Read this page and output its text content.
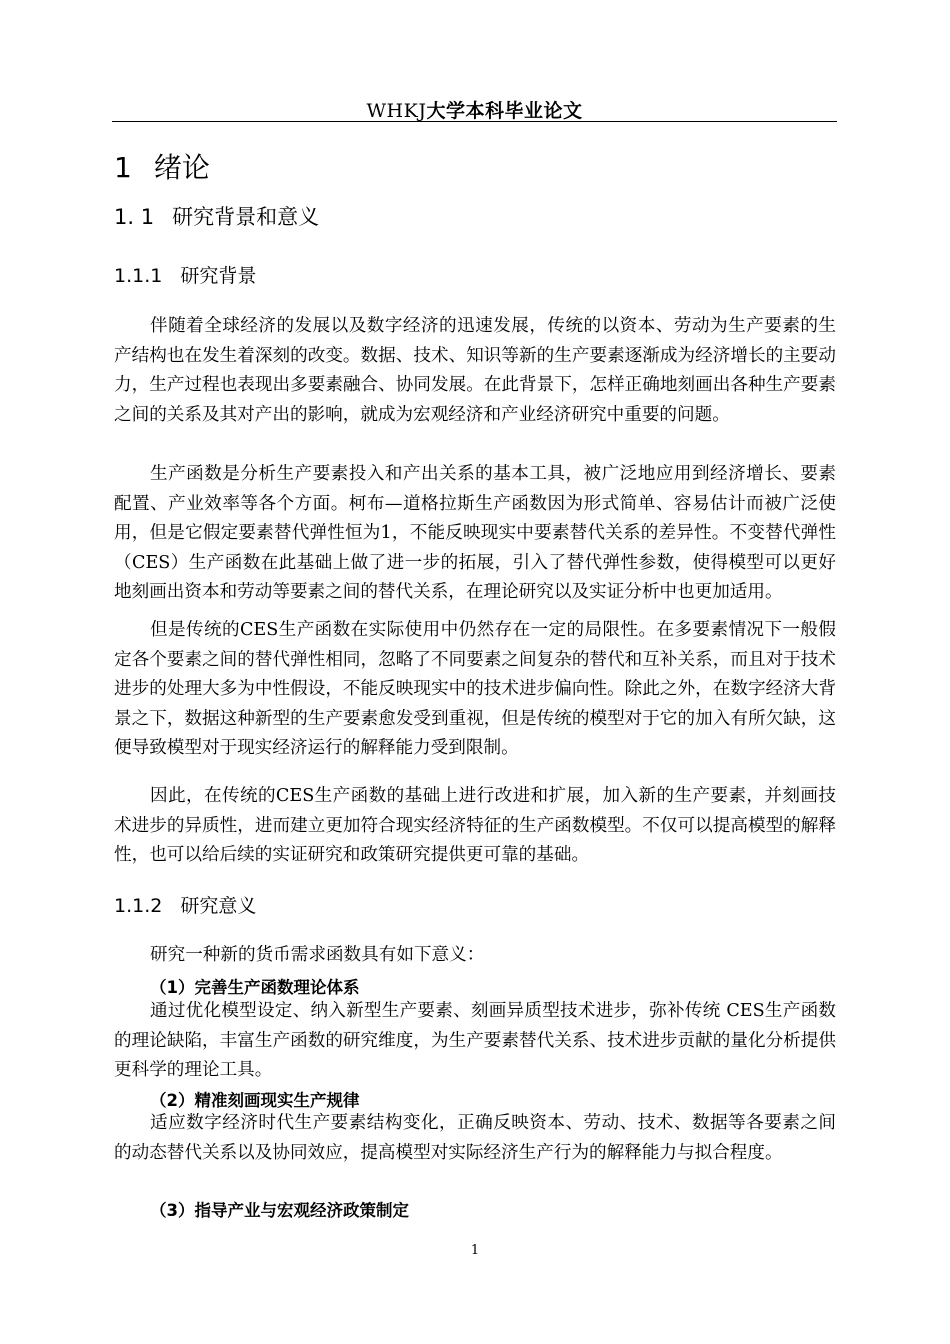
WHKJ大学本科毕业论文
1 绪论
1. 1 研究背景和意义
1.1.1 研究背景

伴随着全球经济的发展以及数字经济的迅速发展，传统的以资本、劳动为生产要素的生产结构也在发生着深刻的改变。数据、技术、知识等新的生产要素逐渐成为经济增长的主要动力，生产过程也表现出多要素融合、协同发展。在此背景下，怎样正确地刻画出各种生产要素之间的关系及其对产出的影响，就成为宏观经济和产业经济研究中重要的问题。

生产函数是分析生产要素投入和产出关系的基本工具，被广泛地应用到经济增长、要素配置、产业效率等各个方面。柯布—道格拉斯生产函数因为形式简单、容易估计而被广泛使用，但是它假定要素替代弹性恒为1，不能反映现实中要素替代关系的差异性。不变替代弹性（CES）生产函数在此基础上做了进一步的拓展，引入了替代弹性参数，使得模型可以更好地刻画出资本和劳动等要素之间的替代关系，在理论研究以及实证分析中也更加适用。

但是传统的CES生产函数在实际使用中仍然存在一定的局限性。在多要素情况下一般假定各个要素之间的替代弹性相同，忽略了不同要素之间复杂的替代和互补关系，而且对于技术进步的处理大多为中性假设，不能反映现实中的技术进步偏向性。除此之外，在数字经济大背景之下，数据这种新型的生产要素愈发受到重视，但是传统的模型对于它的加入有所欠缺，这便导致模型对于现实经济运行的解释能力受到限制。

因此，在传统的CES生产函数的基础上进行改进和扩展，加入新的生产要素，并刻画技术进步的异质性，进而建立更加符合现实经济特征的生产函数模型。不仅可以提高模型的解释性，也可以给后续的实证研究和政策研究提供更可靠的基础。

1.1.2 研究意义

研究一种新的货币需求函数具有如下意义：

（1）完善生产函数理论体系

通过优化模型设定、纳入新型生产要素、刻画异质型技术进步，弥补传统 CES生产函数的理论缺陷，丰富生产函数的研究维度，为生产要素替代关系、技术进步贡献的量化分析提供更科学的理论工具。

（2）精准刻画现实生产规律

适应数字经济时代生产要素结构变化，正确反映资本、劳动、技术、数据等各要素之间的动态替代关系以及协同效应，提高模型对实际经济生产行为的解释能力与拟合程度。

（3）指导产业与宏观经济政策制定
1
